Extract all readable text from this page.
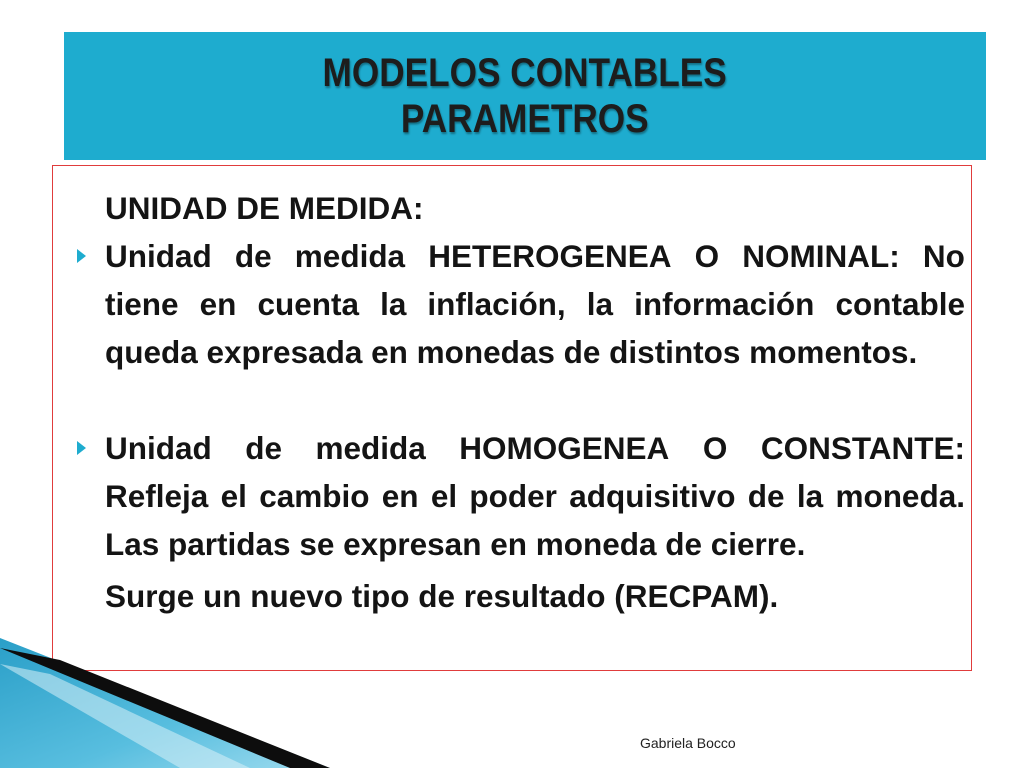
MODELOS CONTABLES
PARAMETROS
UNIDAD DE MEDIDA:
Unidad de medida HETEROGENEA O NOMINAL: No
tiene en cuenta la inflación, la información contable
queda expresada en monedas de distintos momentos.
Unidad de medida HOMOGENEA O CONSTANTE:
Refleja el cambio en el poder adquisitivo de la moneda.
Las partidas se expresan en moneda de cierre.
Surge un nuevo tipo de resultado (RECPAM).
Gabriela Bocco
